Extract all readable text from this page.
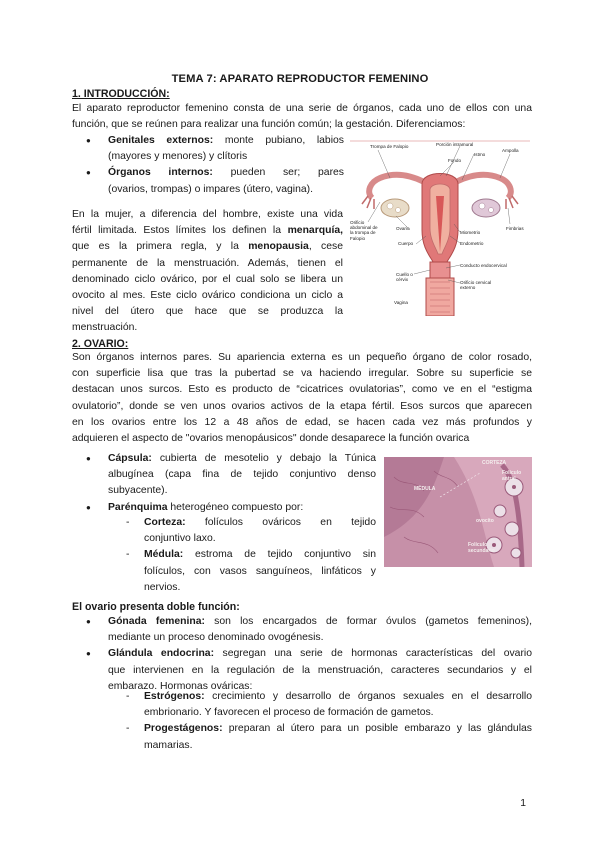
TEMA 7: APARATO REPRODUCTOR FEMENINO
1. INTRODUCCIÓN:
El aparato reproductor femenino consta de una serie de órganos, cada uno de ellos con una
función, que se reúnen para realizar una función común; la gestación. Diferenciamos:
● Genitales externos: monte pubiano, labios
(mayores y menores) y clítoris
● Órganos internos: pueden ser; pares
(ovarios, trompas) o impares (útero, vagina).
En la mujer, a diferencia del hombre, existe una vida
fértil limitada. Estos límites los definen la menarquía,
que es la primera regla, y la menopausia, cese
permanente de la menstruación. Además, tienen el
denominado ciclo ovárico, por el cual solo se libera un
ovocito al mes. Este ciclo ovárico condiciona un ciclo a
nivel del útero que hace que se produzca la
menstruación.
Trompa de Falopio	Porción intramural
Istmo
Fondo
Ampolla
Orificio abdominal de la trompa de Falopio
Ovario
Miometrio
Fimbrias
Cuerpo	Endometrio
Conducto endocervical
Cuello o cérvix
Orificio cervical externo
Vagina
2. OVARIO:
Son órganos internos pares. Su apariencia externa es un pequeño órgano de color rosado,
con superficie lisa que tras la pubertad se va haciendo irregular. Sobre su superficie se
destacan unos surcos. Esto es producto de “cicatrices ovulatorias”, como ve en el “estigma
ovulatorio”, donde se ven unos ovarios activos de la etapa fértil. Esos surcos que aparecen
en los ovarios entre los 12 a 48 años de edad, se hacen cada vez más profundos y
adquieren el aspecto de "ovarios menopáusicos" donde desaparece la función ovarica
● Cápsula: cubierta de mesotelio y debajo la Túnica
albugínea (capa fina de tejido conjuntivo denso
subyacente).
● Parénquima heterogéneo compuesto por:
- Corteza: folículos ováricos en tejido
conjuntivo laxo.
- Médula: estroma de tejido conjuntivo sin
folículos, con vasos sanguíneos, linfáticos y
nervios.
CORTEZA
Folículo antral
MÉDULA
ovocito
Folículo secundario
El ovario presenta doble función:
● Gónada femenina: son los encargados de formar óvulos (gametos femeninos),
mediante un proceso denominado ovogénesis.
● Glándula endocrina: segregan una serie de hormonas características del ovario
que intervienen en la regulación de la menstruación, caracteres secundarios y el
embarazo. Hormonas ováricas:
- Estrógenos: crecimiento y desarrollo de órganos sexuales en el desarrollo
embrionario. Y favorecen el proceso de formación de gametos.
- Progestágenos: preparan al útero para un posible embarazo y las glándulas
mamarias.
1
